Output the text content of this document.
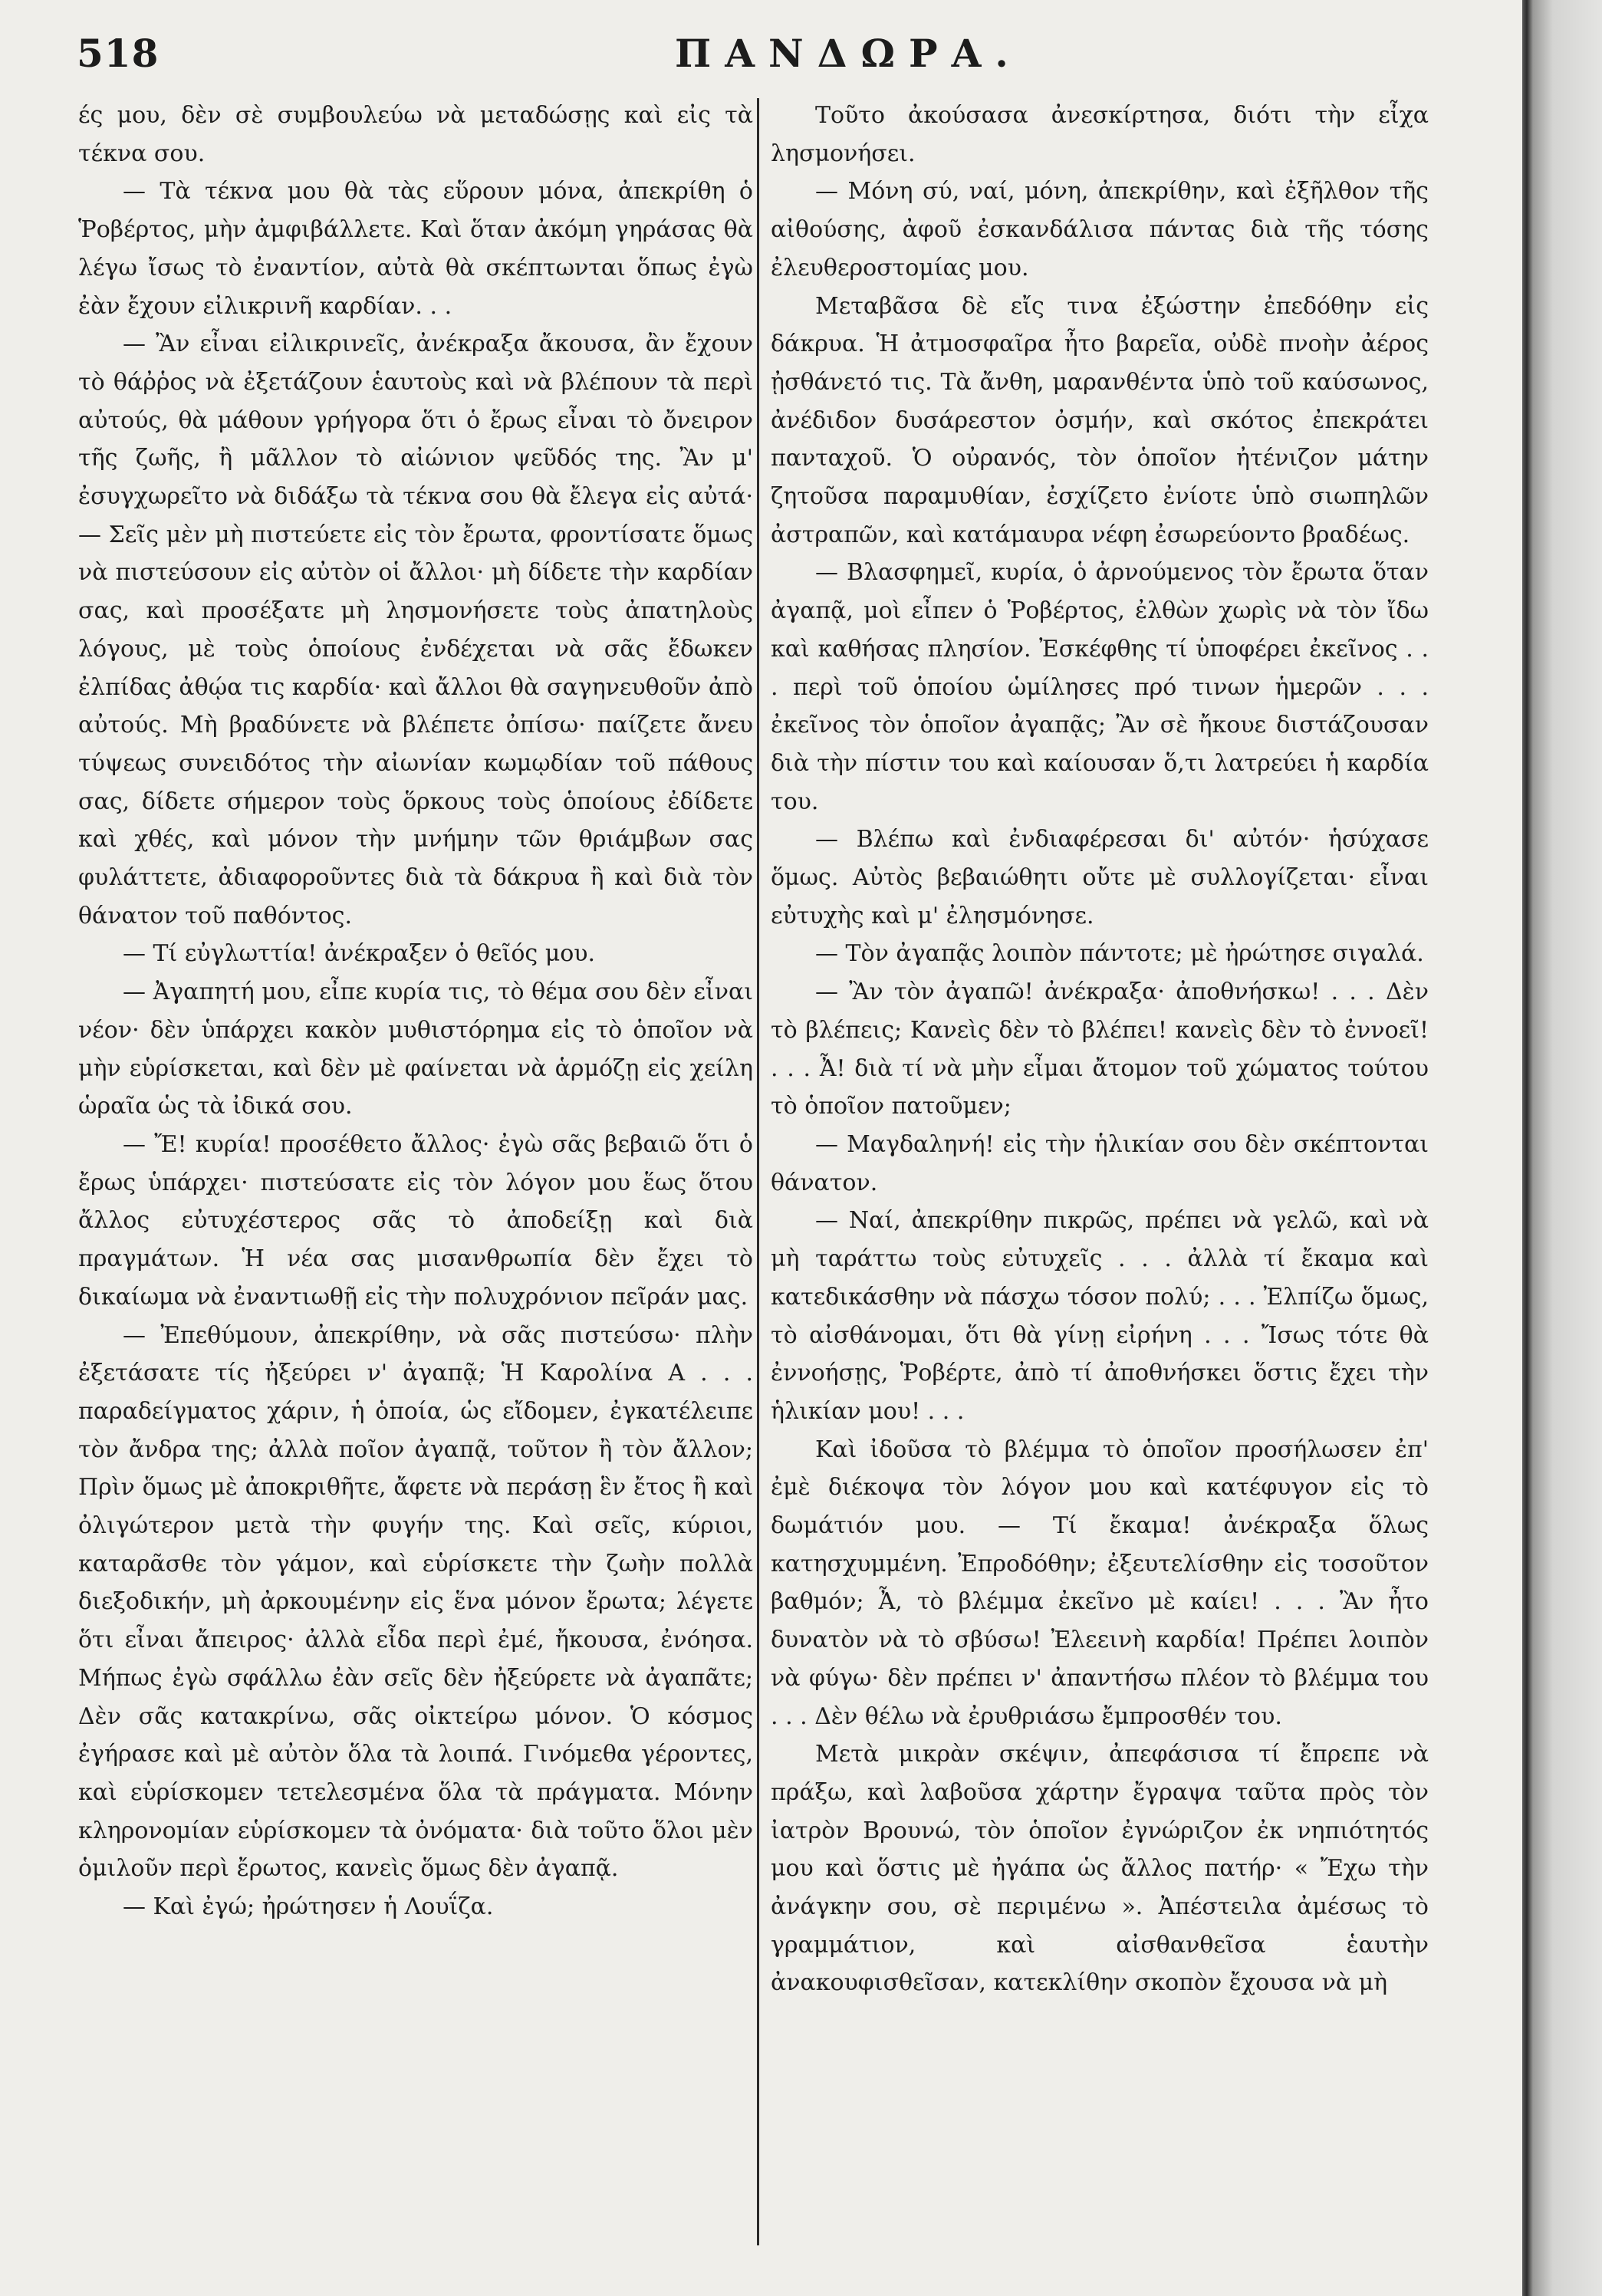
518	ΠΑΝΔΩΡΑ.

ές μου, δὲν σὲ συμβουλεύω νὰ μεταδώσῃς καὶ εἰς τὰ τέκνα σου.

— Τὰ τέκνα μου θὰ τὰς εὕρουν μόνα, ἀπεκρίθη ὁ Ῥοβέρτος, μὴν ἀμφιβάλλετε. Καὶ ὅταν ἀκόμη γηράσας θὰ λέγω ἴσως τὸ ἐναντίον, αὐτὰ θὰ σκέπτωνται ὅπως ἐγὼ ἐὰν ἔχουν εἰλικρινῆ καρδίαν. . .

— Ἂν εἶναι εἰλικρινεῖς, ἀνέκραξα ἄκουσα, ἂν ἔχουν τὸ θάῤῥος νὰ ἐξετάζουν ἑαυτοὺς καὶ νὰ βλέπουν τὰ περὶ αὐτούς, θὰ μάθουν γρήγορα ὅτι ὁ ἔρως εἶναι τὸ ὄνειρον τῆς ζωῆς, ἢ μᾶλλον τὸ αἰώνιον ψεῦδός της. Ἂν μ' ἐσυγχωρεῖτο νὰ διδάξω τὰ τέκνα σου θὰ ἔλεγα εἰς αὐτά· — Σεῖς μὲν μὴ πιστεύετε εἰς τὸν ἔρωτα, φροντίσατε ὅμως νὰ πιστεύσουν εἰς αὐτὸν οἱ ἄλλοι· μὴ δίδετε τὴν καρδίαν σας, καὶ προσέξατε μὴ λησμονήσετε τοὺς ἀπατηλοὺς λόγους, μὲ τοὺς ὁποίους ἐνδέχεται νὰ σᾶς ἔδωκεν ἐλπίδας ἀθῴα τις καρδία· καὶ ἄλλοι θὰ σαγηνευθοῦν ἀπὸ αὐτούς. Μὴ βραδύνετε νὰ βλέπετε ὀπίσω· παίζετε ἄνευ τύψεως συνειδότος τὴν αἰωνίαν κωμῳδίαν τοῦ πάθους σας, δίδετε σήμερον τοὺς ὅρκους τοὺς ὁποίους ἐδίδετε καὶ χθές, καὶ μόνον τὴν μνήμην τῶν θριάμβων σας φυλάττετε, ἀδιαφοροῦντες διὰ τὰ δάκρυα ἢ καὶ διὰ τὸν θάνατον τοῦ παθόντος.

— Τί εὐγλωττία! ἀνέκραξεν ὁ θεῖός μου.

— Ἀγαπητή μου, εἶπε κυρία τις, τὸ θέμα σου δὲν εἶναι νέον· δὲν ὑπάρχει κακὸν μυθιστόρημα εἰς τὸ ὁποῖον νὰ μὴν εὑρίσκεται, καὶ δὲν μὲ φαίνεται νὰ ἁρμόζῃ εἰς χείλη ὡραῖα ὡς τὰ ἰδικά σου.

— Ἔ! κυρία! προσέθετο ἄλλος· ἐγὼ σᾶς βεβαιῶ ὅτι ὁ ἔρως ὑπάρχει· πιστεύσατε εἰς τὸν λόγον μου ἕως ὅτου ἄλλος εὐτυχέστερος σᾶς τὸ ἀποδείξῃ καὶ διὰ πραγμάτων. Ἡ νέα σας μισανθρωπία δὲν ἔχει τὸ δικαίωμα νὰ ἐναντιωθῇ εἰς τὴν πολυχρόνιον πεῖράν μας.

— Ἐπεθύμουν, ἀπεκρίθην, νὰ σᾶς πιστεύσω· πλὴν ἐξετάσατε τίς ἠξεύρει ν' ἀγαπᾷ; Ἡ Καρολίνα Α . . . παραδείγματος χάριν, ἡ ὁποία, ὡς εἴδομεν, ἐγκατέλειπε τὸν ἄνδρα της; ἀλλὰ ποῖον ἀγαπᾷ, τοῦτον ἢ τὸν ἄλλον; Πρὶν ὅμως μὲ ἀποκριθῆτε, ἄφετε νὰ περάσῃ ἓν ἔτος ἢ καὶ ὀλιγώτερον μετὰ τὴν φυγήν της. Καὶ σεῖς, κύριοι, καταρᾶσθε τὸν γάμον, καὶ εὑρίσκετε τὴν ζωὴν πολλὰ διεξοδικήν, μὴ ἀρκουμένην εἰς ἕνα μόνον ἔρωτα; λέγετε ὅτι εἶναι ἄπειρος· ἀλλὰ εἶδα περὶ ἐμέ, ἤκουσα, ἐνόησα. Μήπως ἐγὼ σφάλλω ἐὰν σεῖς δὲν ἠξεύρετε νὰ ἀγαπᾶτε; Δὲν σᾶς κατακρίνω, σᾶς οἰκτείρω μόνον. Ὁ κόσμος ἐγήρασε καὶ μὲ αὐτὸν ὅλα τὰ λοιπά. Γινόμεθα γέροντες, καὶ εὑρίσκομεν τετελεσμένα ὅλα τὰ πράγματα. Μόνην κληρονομίαν εὑρίσκομεν τὰ ὀνόματα· διὰ τοῦτο ὅλοι μὲν ὁμιλοῦν περὶ ἔρωτος, κανεὶς ὅμως δὲν ἀγαπᾷ.

— Καὶ ἐγώ; ἠρώτησεν ἡ Λουΐζα.

Τοῦτο ἀκούσασα ἀνεσκίρτησα, διότι τὴν εἶχα λησμονήσει.

— Μόνη σύ, ναί, μόνη, ἀπεκρίθην, καὶ ἐξῆλθον τῆς αἰθούσης, ἀφοῦ ἐσκανδάλισα πάντας διὰ τῆς τόσης ἐλευθεροστομίας μου.

Μεταβᾶσα δὲ εἴς τινα ἐξώστην ἐπεδόθην εἰς δάκρυα. Ἡ ἀτμοσφαῖρα ἦτο βαρεῖα, οὐδὲ πνοὴν ἀέρος ᾐσθάνετό τις. Τὰ ἄνθη, μαρανθέντα ὑπὸ τοῦ καύσωνος, ἀνέδιδον δυσάρεστον ὀσμήν, καὶ σκότος ἐπεκράτει πανταχοῦ. Ὁ οὐρανός, τὸν ὁποῖον ἠτένιζον μάτην ζητοῦσα παραμυθίαν, ἐσχίζετο ἐνίοτε ὑπὸ σιωπηλῶν ἀστραπῶν, καὶ κατάμαυρα νέφη ἐσωρεύοντο βραδέως.

— Βλασφημεῖ, κυρία, ὁ ἀρνούμενος τὸν ἔρωτα ὅταν ἀγαπᾷ, μοὶ εἶπεν ὁ Ῥοβέρτος, ἐλθὼν χωρὶς νὰ τὸν ἴδω καὶ καθήσας πλησίον. Ἐσκέφθης τί ὑποφέρει ἐκεῖνος . . . περὶ τοῦ ὁποίου ὡμίλησες πρό τινων ἡμερῶν . . . ἐκεῖνος τὸν ὁποῖον ἀγαπᾷς; Ἂν σὲ ἤκουε διστάζουσαν διὰ τὴν πίστιν του καὶ καίουσαν ὅ,τι λατρεύει ἡ καρδία του.

— Βλέπω καὶ ἐνδιαφέρεσαι δι' αὐτόν· ἡσύχασε ὅμως. Αὐτὸς βεβαιώθητι οὔτε μὲ συλλογίζεται· εἶναι εὐτυχὴς καὶ μ' ἐλησμόνησε.

— Τὸν ἀγαπᾷς λοιπὸν πάντοτε; μὲ ἠρώτησε σιγαλά.

— Ἂν τὸν ἀγαπῶ! ἀνέκραξα· ἀποθνήσκω! . . . Δὲν τὸ βλέπεις; Κανεὶς δὲν τὸ βλέπει! κανεὶς δὲν τὸ ἐννοεῖ! . . . Ἆ! διὰ τί νὰ μὴν εἶμαι ἄτομον τοῦ χώματος τούτου τὸ ὁποῖον πατοῦμεν;

— Μαγδαληνή! εἰς τὴν ἡλικίαν σου δὲν σκέπτονται θάνατον.

— Ναί, ἀπεκρίθην πικρῶς, πρέπει νὰ γελῶ, καὶ νὰ μὴ ταράττω τοὺς εὐτυχεῖς . . . ἀλλὰ τί ἔκαμα καὶ κατεδικάσθην νὰ πάσχω τόσον πολύ; . . . Ἐλπίζω ὅμως, τὸ αἰσθάνομαι, ὅτι θὰ γίνῃ εἰρήνη . . . Ἴσως τότε θὰ ἐννοήσῃς, Ῥοβέρτε, ἀπὸ τί ἀποθνήσκει ὅστις ἔχει τὴν ἡλικίαν μου! . . .

Καὶ ἰδοῦσα τὸ βλέμμα τὸ ὁποῖον προσήλωσεν ἐπ' ἐμὲ διέκοψα τὸν λόγον μου καὶ κατέφυγον εἰς τὸ δωμάτιόν μου. — Τί ἔκαμα! ἀνέκραξα ὅλως κατησχυμμένη. Ἐπροδόθην; ἐξευτελίσθην εἰς τοσοῦτον βαθμόν; Ἆ, τὸ βλέμμα ἐκεῖνο μὲ καίει! . . . Ἂν ἦτο δυνατὸν νὰ τὸ σβύσω! Ἐλεεινὴ καρδία! Πρέπει λοιπὸν νὰ φύγω· δὲν πρέπει ν' ἀπαντήσω πλέον τὸ βλέμμα του . . . Δὲν θέλω νὰ ἐρυθριάσω ἔμπροσθέν του.

Μετὰ μικρὰν σκέψιν, ἀπεφάσισα τί ἔπρεπε νὰ πράξω, καὶ λαβοῦσα χάρτην ἔγραψα ταῦτα πρὸς τὸν ἰατρὸν Βρουνώ, τὸν ὁποῖον ἐγνώριζον ἐκ νηπιότητός μου καὶ ὅστις μὲ ἠγάπα ὡς ἄλλος πατήρ· « Ἔχω τὴν ἀνάγκην σου, σὲ περιμένω ». Ἀπέστειλα ἀμέσως τὸ γραμμάτιον, καὶ αἰσθανθεῖσα ἑαυτὴν ἀνακουφισθεῖσαν, κατεκλίθην σκοπὸν ἔχουσα νὰ μὴ
